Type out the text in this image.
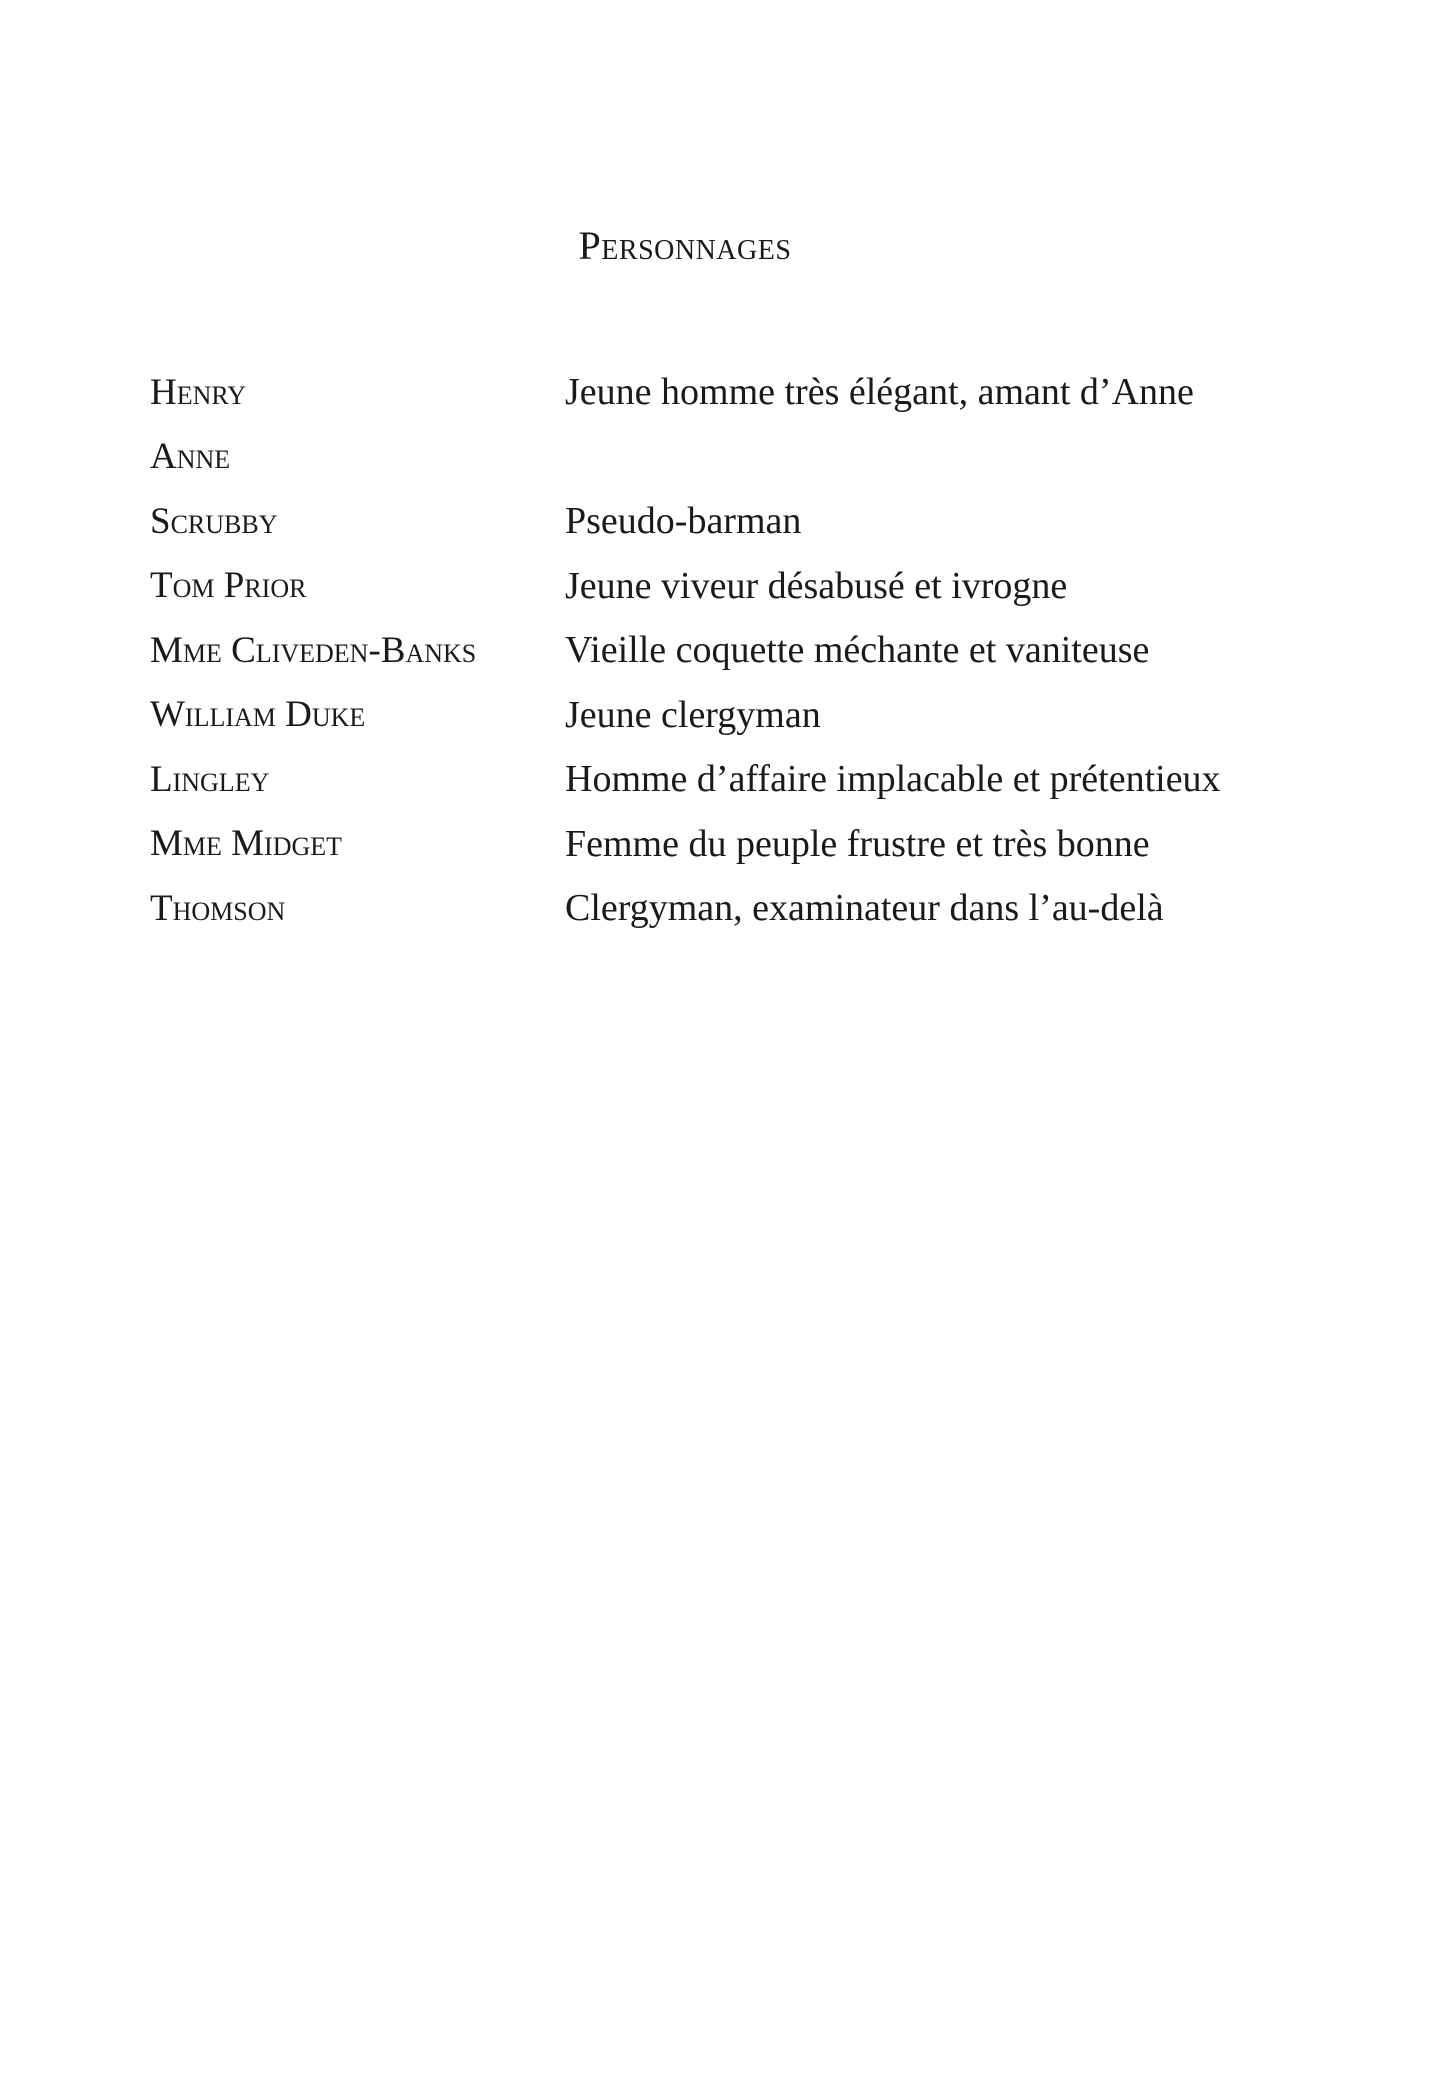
Personnages
Henry	Jeune homme très élégant, amant d’Anne
Anne
Scrubby	Pseudo-barman
Tom Prior	Jeune viveur désabusé et ivrogne
Mme Cliveden-Banks	Vieille coquette méchante et vaniteuse
William Duke	Jeune clergyman
Lingley	Homme d’affaire implacable et prétentieux
Mme Midget	Femme du peuple frustre et très bonne
Thomson	Clergyman, examinateur dans l’au-delà
